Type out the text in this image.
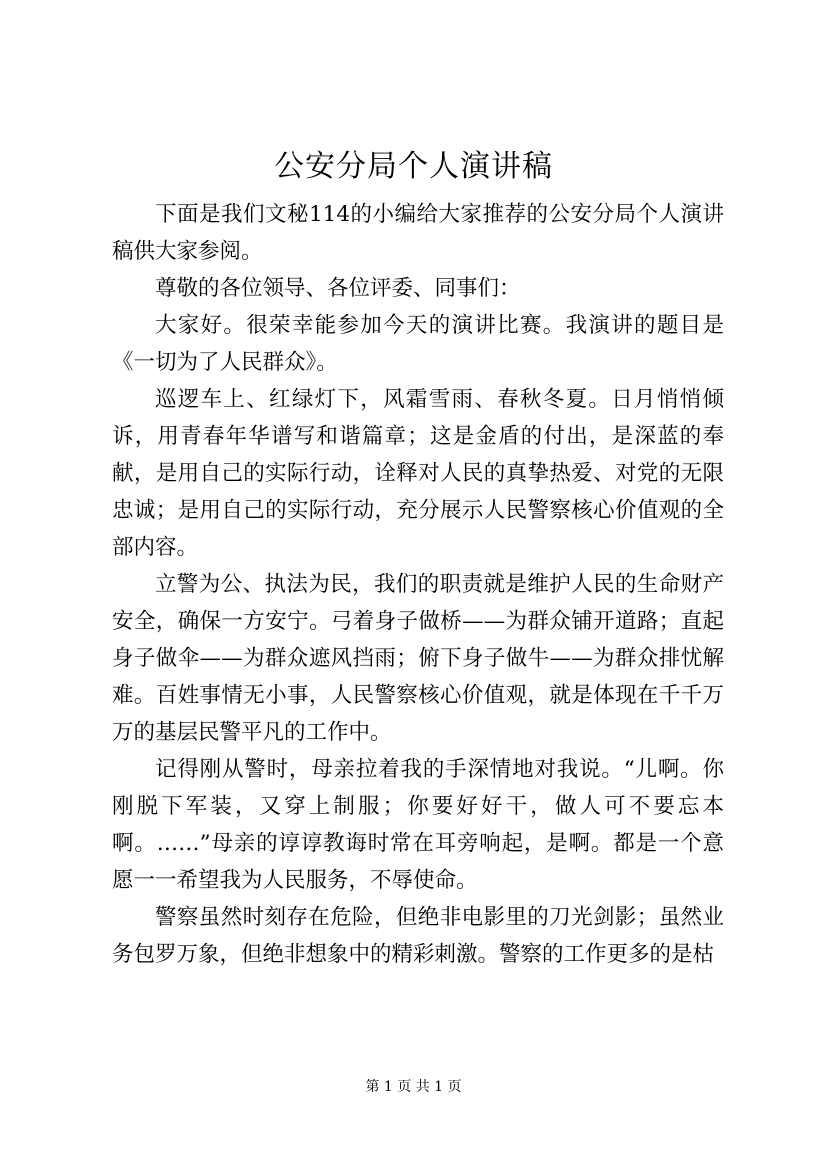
公安分局个人演讲稿

下面是我们文秘114的小编给大家推荐的公安分局个人演讲稿供大家参阅。

尊敬的各位领导、各位评委、同事们：

大家好。很荣幸能参加今天的演讲比赛。我演讲的题目是《一切为了人民群众》。

巡逻车上、红绿灯下，风霜雪雨、春秋冬夏。日月悄悄倾诉，用青春年华谱写和谐篇章；这是金盾的付出，是深蓝的奉献，是用自己的实际行动，诠释对人民的真挚热爱、对党的无限忠诚；是用自己的实际行动，充分展示人民警察核心价值观的全部内容。

立警为公、执法为民，我们的职责就是维护人民的生命财产安全，确保一方安宁。弓着身子做桥——为群众铺开道路；直起身子做伞——为群众遮风挡雨；俯下身子做牛——为群众排忧解难。百姓事情无小事，人民警察核心价值观，就是体现在千千万万的基层民警平凡的工作中。

记得刚从警时，母亲拉着我的手深情地对我说。“儿啊。你刚脱下军装，又穿上制服；你要好好干，做人可不要忘本啊。……”母亲的谆谆教诲时常在耳旁响起，是啊。都是一个意愿一一希望我为人民服务，不辱使命。

警察虽然时刻存在危险，但绝非电影里的刀光剑影；虽然业务包罗万象，但绝非想象中的精彩刺激。警察的工作更多的是枯

第 1 页 共 1 页
